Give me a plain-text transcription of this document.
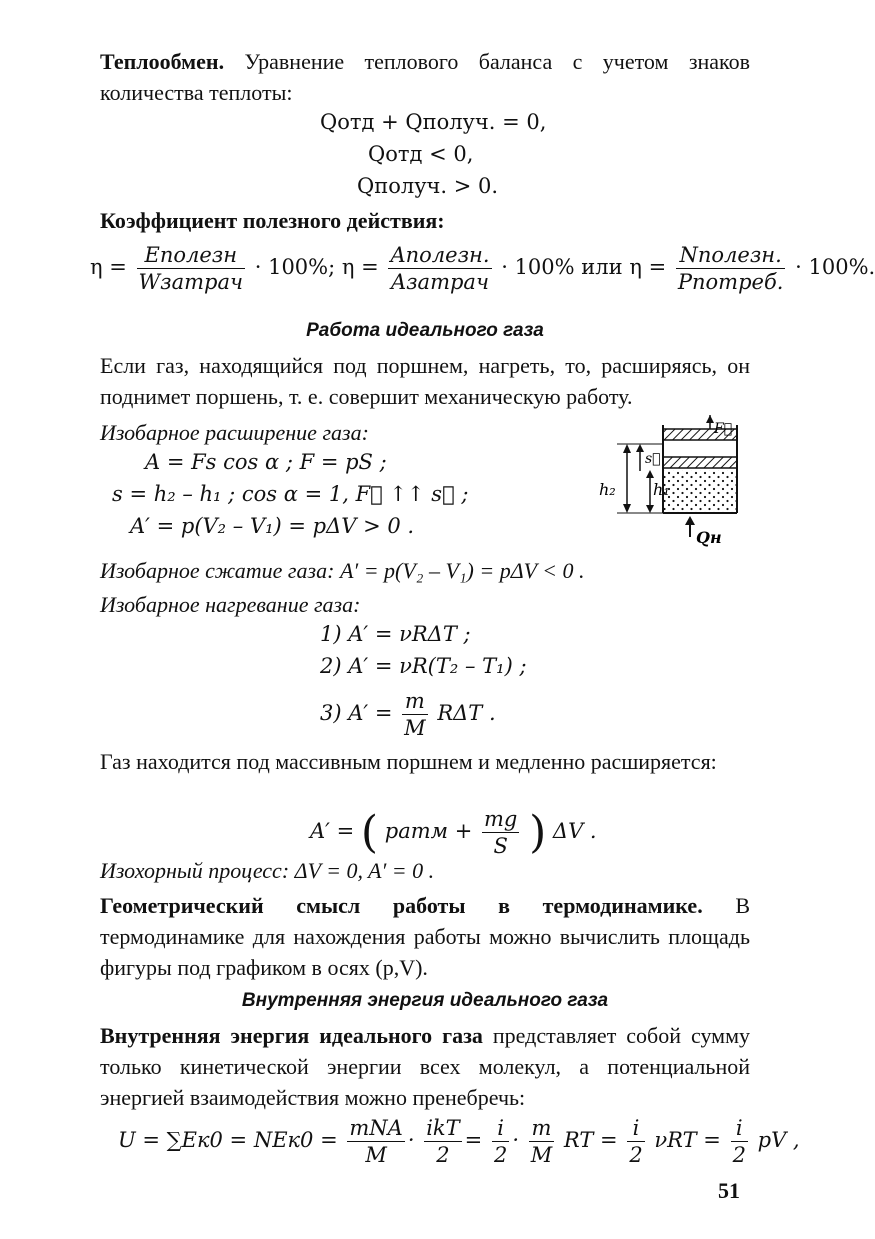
Теплообмен. Уравнение теплового баланса с учетом знаков количества теплоты:
Qотд + Qполуч. = 0,
Qотд < 0,
Qполуч. > 0.
Коэффициент полезного действия:
$\eta = \frac{\text{Eполезн}}{\text{Wзатрач}} \cdot 100\%$; $\eta = \frac{\text{Aполезн.}}{\text{Aзатрач}} \cdot 100\%$ или $\eta = \frac{\text{Nполезн.}}{\text{Pпотреб.}} \cdot 100\%$.
Работа идеального газа
Если газ, находящийся под поршнем, нагреть, то, расширяясь, он поднимет поршень, т. е. совершит механическую работу.
Изобарное расширение газа:
A = Fs cos α ; F = pS ;
s = h₂ – h₁ ; cos α = 1, F⃗ ↑↑ s⃗ ;
A′ = p(V₂ – V₁) = pΔV > 0 .
F⃗
s⃗
h₂ h₁
Qн
Изобарное сжатие газа: A′ = p(V₂ – V₁) = pΔV < 0 .
Изобарное нагревание газа:
1) A′ = νRΔT ;
2) A′ = νR(T₂ – T₁) ;
3) $A' = \frac{m}{M}$ RΔT .
Газ находится под массивным поршнем и медленно расширяется:
A′ = ( pатм + $\frac{mg}{S}$ ) ΔV .
Изохорный процесс: ΔV = 0, A′ = 0 .
Геометрический смысл работы в термодинамике. В термодинамике для нахождения работы можно вычислить площадь фигуры под графиком в осях (p,V).
Внутренняя энергия идеального газа
Внутренняя энергия идеального газа представляет собой сумму только кинетической энергии всех молекул, а потенциальной энергией взаимодействия можно пренебречь:
$U = \sum Eк0 = NEк0 = \frac{\text{mNA}}{M} \cdot \frac{\text{ikT}}{2} = \frac{i}{2} \cdot \frac{m}{M}$ RT = $\frac{i}{2}$ $\nu RT = \frac{i}{2}$ pV ,
51
